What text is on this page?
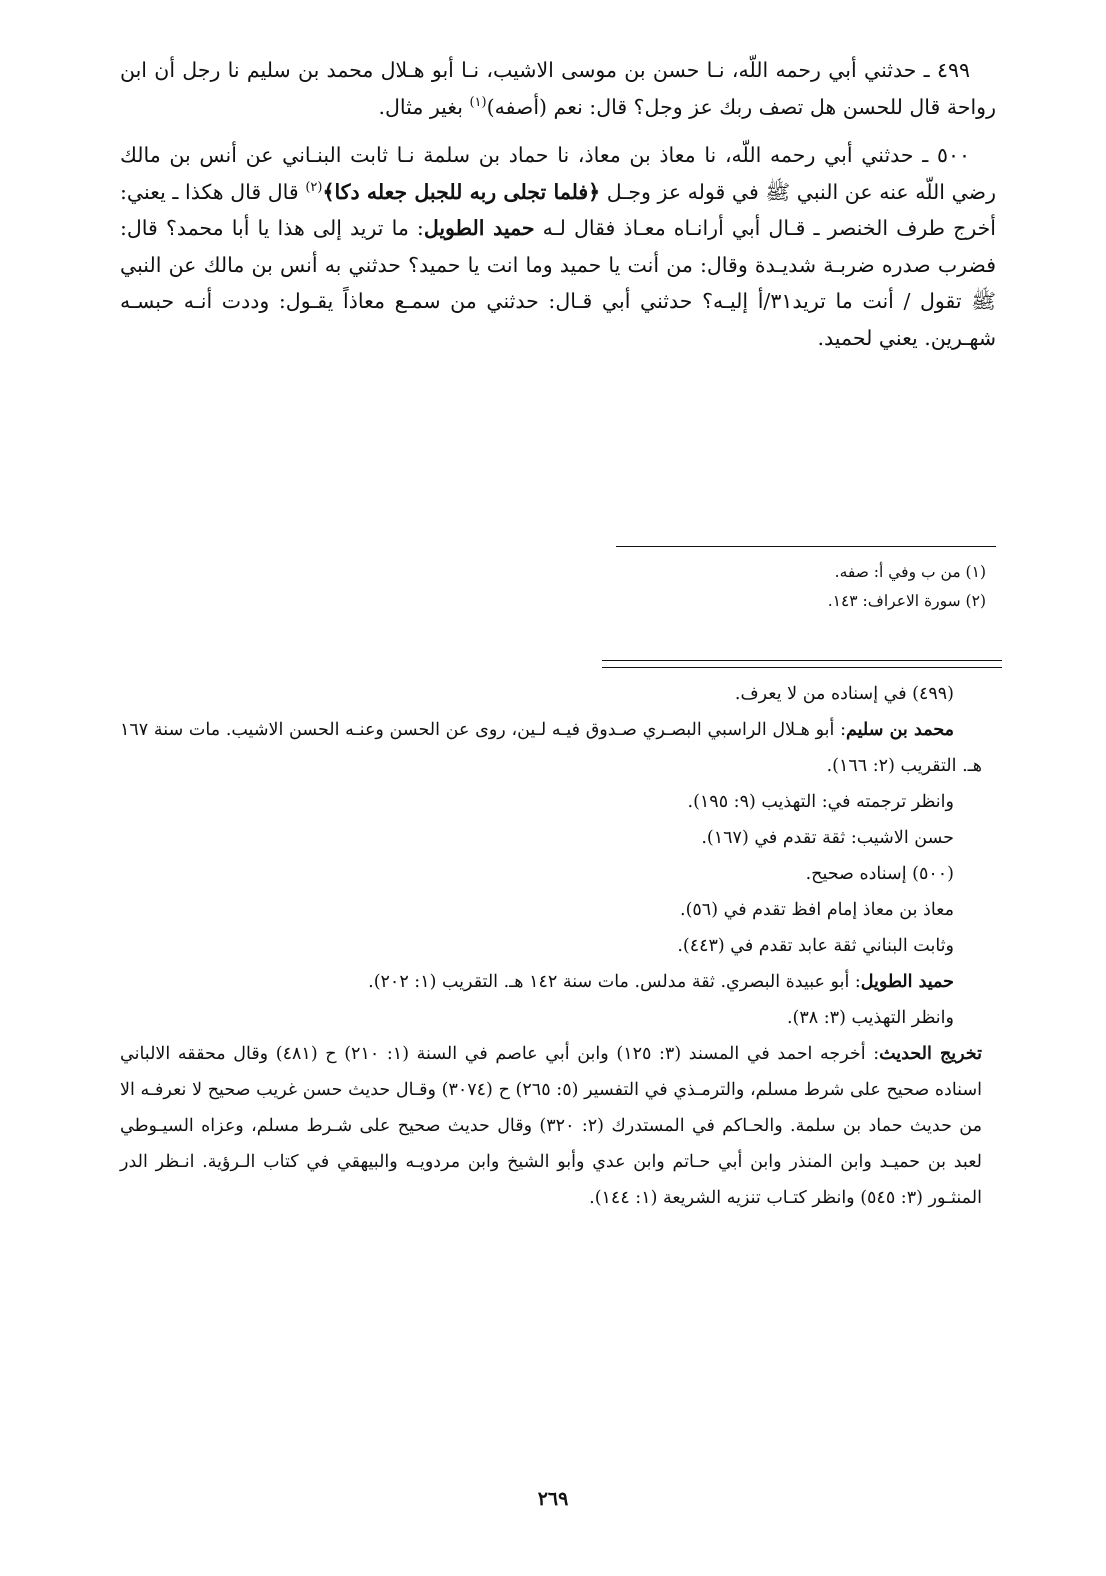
٤٩٩ ـ حدثني أبي رحمه اللّه، نـا حسن بن موسى الاشيب، نـا أبو هـلال محمد بن سليم نا رجل أن ابن رواحة قال للحسن هل تصف ربك عز وجل؟ قال: نعم (أصفه)$^{(١)}$ بغير مثال.

٥٠٠ ـ حدثني أبي رحمه اللّه، نا معاذ بن معاذ، نا حماد بن سلمة نـا ثابت البنـاني عن أنس بن مالك رضي اللّه عنه عن النبي ﷺ في قوله عز وجـل ﴿فلما تجلى ربه للجبل جعله دكا﴾$^{(٢)}$ قال قال هكذا ـ يعني: أخرج طرف الخنصر ـ قـال أبي أرانـاه معـاذ فقال لـه حميد الطويل: ما تريد إلى هذا يا أبا محمد؟ قال: فضرب صدره ضربـة شديـدة وقال: من أنت يا حميد وما انت يا حميد؟ حدثني به أنس بن مالك عن النبي ﷺ تقول / أنت ما تريد٣١/أ إليـه؟ حدثني أبي قـال: حدثني من سمـع معاذاً يقـول: وددت أنـه حبسـه شهـرين. يعني لحميد.

(١) من ب وفي أ: صفه.
(٢) سورة الاعراف: ١٤٣.

(٤٩٩) في إسناده من لا يعرف.

محمد بن سليم: أبو هـلال الراسبي البصـري صـدوق فيـه لـين، روى عن الحسن وعنـه الحسن الاشيب. مات سنة ١٦٧ هـ. التقريب (٢: ١٦٦).

وانظر ترجمته في: التهذيب (٩: ١٩٥).

حسن الاشيب: ثقة تقدم في (١٦٧).

(٥٠٠) إسناده صحيح.

معاذ بن معاذ إمام افظ تقدم في (٥٦).

وثابت البناني ثقة عابد تقدم في (٤٤٣).

حميد الطويل: أبو عبيدة البصري. ثقة مدلس. مات سنة ١٤٢ هـ. التقريب (١: ٢٠٢).

وانظر التهذيب (٣: ٣٨).

تخريج الحديث: أخرجه احمد في المسند (٣: ١٢٥) وابن أبي عاصم في السنة (١: ٢١٠) ح (٤٨١) وقال محققه الالباني اسناده صحيح على شرط مسلم، والترمـذي في التفسير (٥: ٢٦٥) ح (٣٠٧٤) وقـال حديث حسن غريب صحيح لا نعرفـه الا من حديث حماد بن سلمة. والحـاكم في المستدرك (٢: ٣٢٠) وقال حديث صحيح على شـرط مسلم، وعزاه السيـوطي لعبد بن حميـد وابن المنذر وابن أبي حـاتم وابن عدي وأبو الشيخ وابن مردويـه والبيهقي في كتاب الـرؤية. انـظر الدر المنثـور (٣: ٥٤٥) وانظر كتـاب تنزيه الشريعة (١: ١٤٤).

٢٦٩
